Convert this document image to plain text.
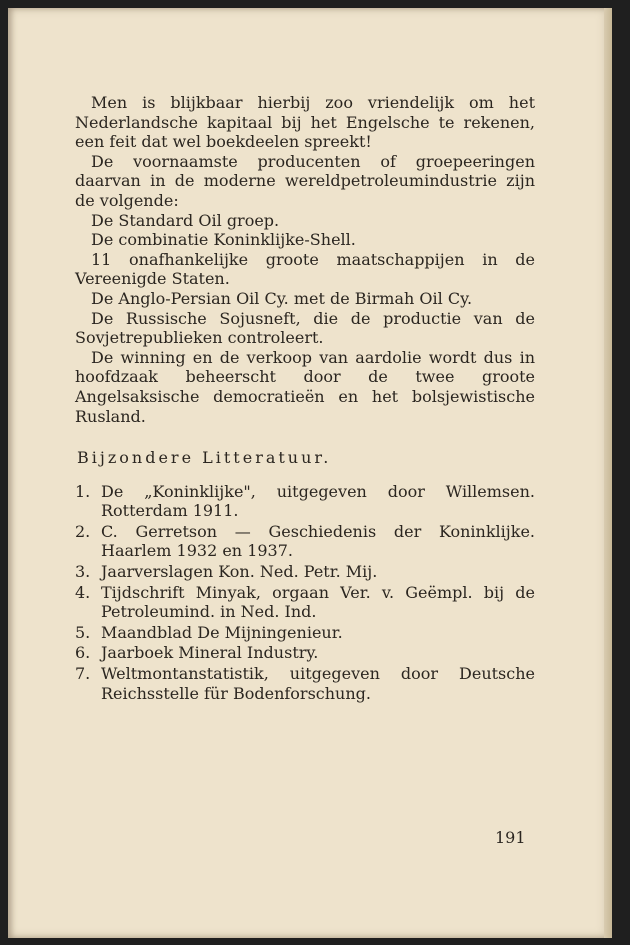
Men is blijkbaar hierbij zoo vriendelijk om het Nederlandsche kapitaal bij het Engelsche te rekenen, een feit dat wel boekdeelen spreekt!

De voornaamste producenten of groepeeringen daarvan in de moderne wereldpetroleumindustrie zijn de volgende:

De Standard Oil groep.

De combinatie Koninklijke-Shell.

11 onafhankelijke groote maatschappijen in de Vereenigde Staten.

De Anglo-Persian Oil Cy. met de Birmah Oil Cy.

De Russische Sojusneft, die de productie van de Sovjetrepublieken controleert.

De winning en de verkoop van aardolie wordt dus in hoofdzaak beheerscht door de twee groote Angelsaksische democratieën en het bolsjewistische Rusland.

Bijzondere Litteratuur.
1. De „Koninklijke", uitgegeven door Willemsen. Rotterdam 1911.
2. C. Gerretson — Geschiedenis der Koninklijke. Haarlem 1932 en 1937.
3. Jaarverslagen Kon. Ned. Petr. Mij.
4. Tijdschrift Minyak, orgaan Ver. v. Geëmpl. bij de Petroleumind. in Ned. Ind.
5. Maandblad De Mijningenieur.
6. Jaarboek Mineral Industry.
7. Weltmontanstatistik, uitgegeven door Deutsche Reichsstelle für Bodenforschung.
191
